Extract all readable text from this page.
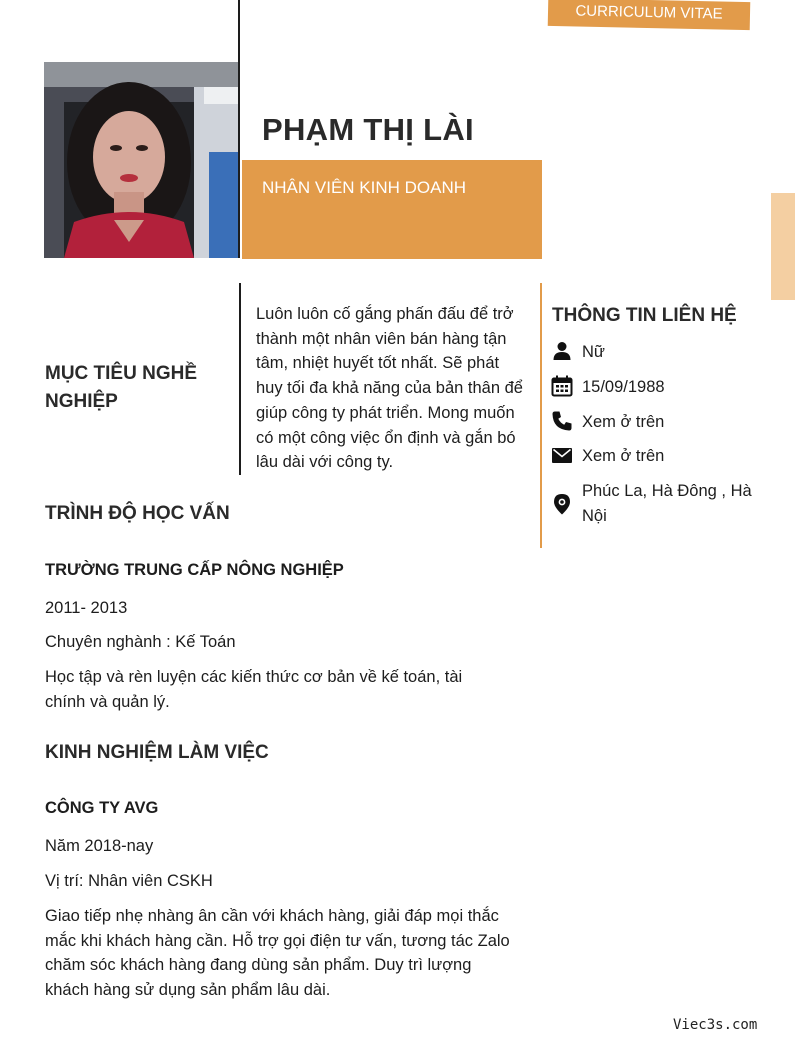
CURRICULUM VITAE
PHẠM THỊ LÀI
NHÂN VIÊN KINH DOANH
MỤC TIÊU NGHỀ NGHIỆP
Luôn luôn cố gắng phấn đấu để trở thành một nhân viên bán hàng tận tâm, nhiệt huyết tốt nhất. Sẽ phát huy tối đa khả năng của bản thân để giúp công ty phát triển. Mong muốn có một công việc ổn định và gắn bó lâu dài với công ty.
THÔNG TIN LIÊN HỆ
Nữ
15/09/1988
Xem ở trên
Xem ở trên
Phúc La, Hà Đông , Hà Nội
TRÌNH ĐỘ HỌC VẤN
TRƯỜNG TRUNG CẤP NÔNG NGHIỆP
2011- 2013
Chuyên nghành : Kế Toán
Học tập và rèn luyện các kiến thức cơ bản về kế toán, tài chính và quản lý.
KINH NGHIỆM LÀM VIỆC
CÔNG TY AVG
Năm 2018-nay
Vị trí: Nhân viên CSKH
Giao tiếp nhẹ nhàng ân cần với khách hàng, giải đáp mọi thắc mắc khi khách hàng cần. Hỗ trợ gọi điện tư vấn, tương tác Zalo chăm sóc khách hàng đang dùng sản phẩm. Duy trì lượng khách hàng sử dụng sản phẩm lâu dài.
Viec3s.com
